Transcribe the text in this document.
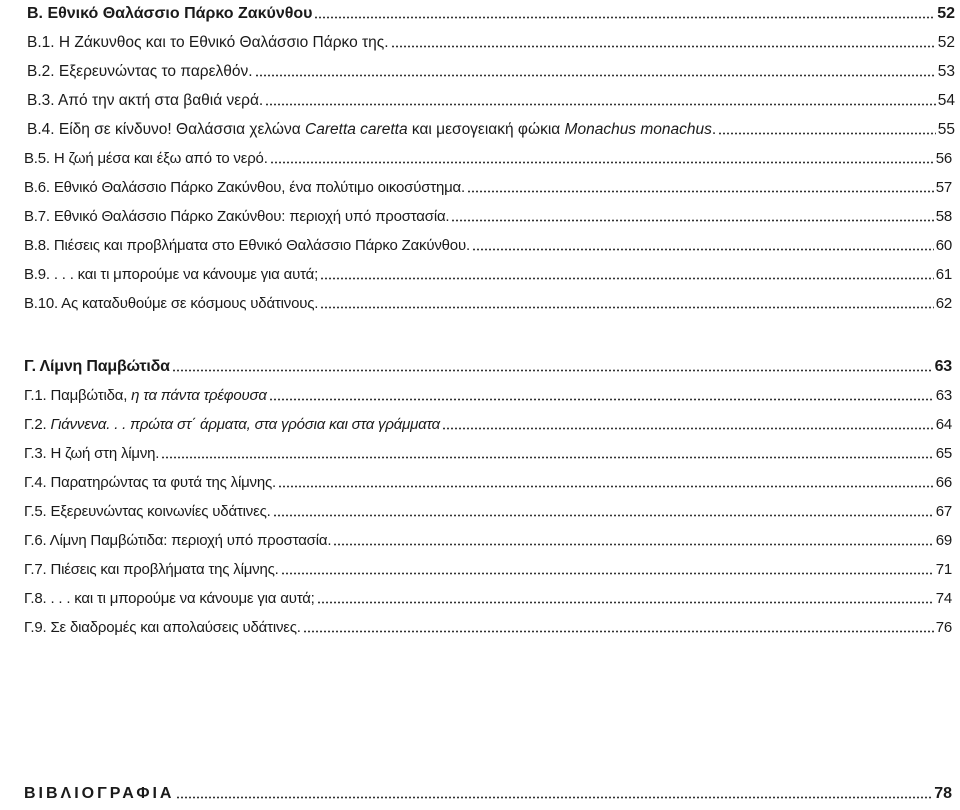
Β. Εθνικό Θαλάσσιο Πάρκο Ζακύνθου	52
Β.1. Η Ζάκυνθος και το Εθνικό Θαλάσσιο Πάρκο της.	52
Β.2. Εξερευνώντας το παρελθόν.	53
Β.3. Από την ακτή στα βαθιά νερά.	54
Β.4. Είδη σε κίνδυνο! Θαλάσσια χελώνα Caretta caretta και μεσογειακή φώκια Monachus monachus.	55
Β.5. Η ζωή μέσα και έξω από το νερό.	56
Β.6. Εθνικό Θαλάσσιο Πάρκο Ζακύνθου, ένα πολύτιμο οικοσύστημα.	57
Β.7. Εθνικό Θαλάσσιο Πάρκο Ζακύνθου: περιοχή υπό προστασία.	58
Β.8. Πιέσεις και προβλήματα στο Εθνικό Θαλάσσιο Πάρκο Ζακύνθου.	60
Β.9. . . . και τι μπορούμε να κάνουμε για αυτά;	61
Β.10. Ας καταδυθούμε σε κόσμους υδάτινους.	62
Γ. Λίμνη Παμβώτιδα	63
Γ.1. Παμβώτιδα, η τα πάντα τρέφουσα	63
Γ.2. Γιάννενα. . . πρώτα στ΄ άρματα, στα γρόσια και στα γράμματα	64
Γ.3. Η ζωή στη λίμνη.	65
Γ.4. Παρατηρώντας τα φυτά της λίμνης.	66
Γ.5. Εξερευνώντας κοινωνίες υδάτινες.	67
Γ.6. Λίμνη Παμβώτιδα: περιοχή υπό προστασία.	69
Γ.7. Πιέσεις και προβλήματα της λίμνης.	71
Γ.8. . . . και τι μπορούμε να κάνουμε για αυτά;	74
Γ.9. Σε διαδρομές και απολαύσεις υδάτινες.	76
ΒΙΒΛΙΟΓΡΑΦΙΑ	78
